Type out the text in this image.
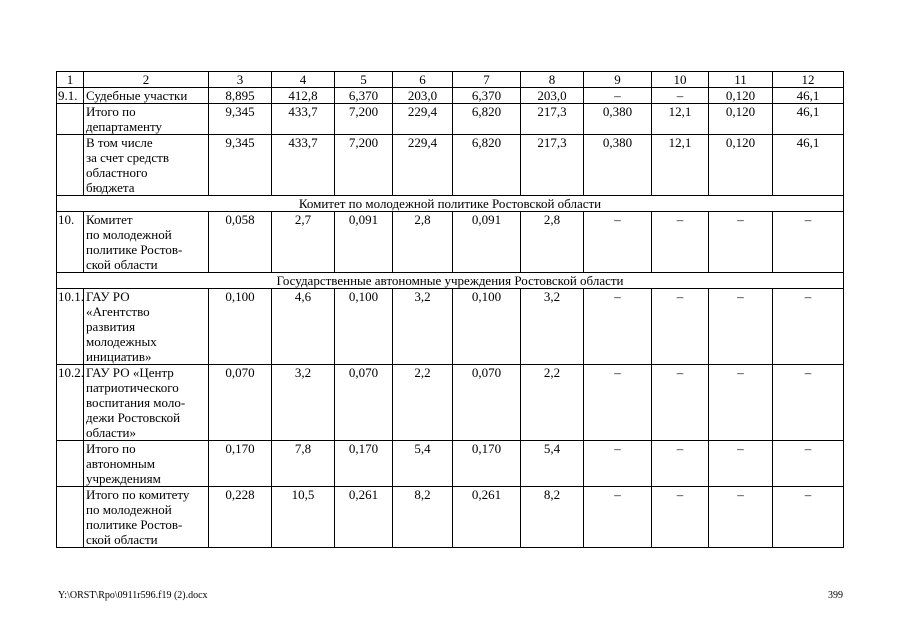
1	2	3	4	5	6	7	8	9	10	11	12
9.1.	Судебные участки	8,895	412,8	6,370	203,0	6,370	203,0	–	–	0,120	46,1
	Итого по
департаменту	9,345	433,7	7,200	229,4	6,820	217,3	0,380	12,1	0,120	46,1
	В том числе
за счет средств
областного
бюджета	9,345	433,7	7,200	229,4	6,820	217,3	0,380	12,1	0,120	46,1
Комитет по молодежной политике Ростовской области											
10.	Комитет
по молодежной
политике Ростов-
ской области	0,058	2,7	0,091	2,8	0,091	2,8	–	–	–	–
Государственные автономные учреждения Ростовской области											
10.1.	ГАУ РО
«Агентство
развития
молодежных
инициатив»	0,100	4,6	0,100	3,2	0,100	3,2	–	–	–	–
10.2.	ГАУ РО «Центр
патриотического
воспитания моло-
дежи Ростовской
области»	0,070	3,2	0,070	2,2	0,070	2,2	–	–	–	–
	Итого по
автономным
учреждениям	0,170	7,8	0,170	5,4	0,170	5,4	–	–	–	–
	Итого по комитету
по молодежной
политике Ростов-
ской области	0,228	10,5	0,261	8,2	0,261	8,2	–	–	–	–
Y:\ORST\Rpo\0911r596.f19 (2).docx	399
